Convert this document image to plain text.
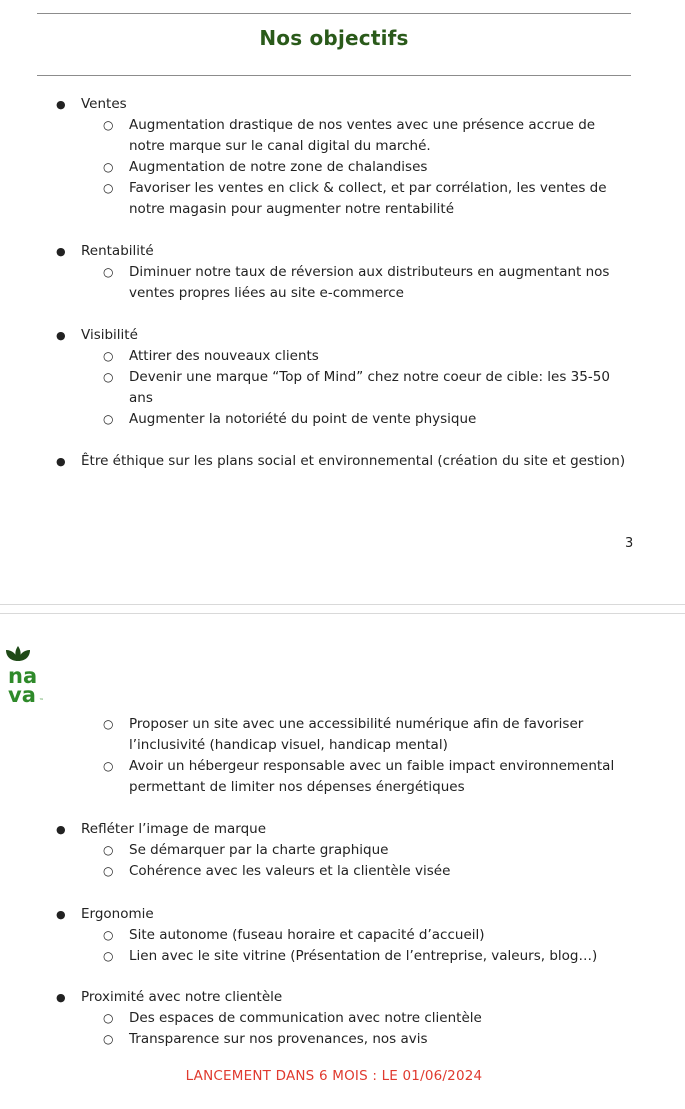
Nos objectifs
● Ventes
○ Augmentation drastique de nos ventes avec une présence accrue de notre marque sur le canal digital du marché.
○ Augmentation de notre zone de chalandises
○ Favoriser les ventes en click & collect, et par corrélation, les ventes de notre magasin pour augmenter notre rentabilité
● Rentabilité
○ Diminuer notre taux de réversion aux distributeurs en augmentant nos ventes propres liées au site e-commerce
● Visibilité
○ Attirer des nouveaux clients
○ Devenir une marque “Top of Mind” chez notre coeur de cible: les 35-50 ans
○ Augmenter la notoriété du point de vente physique
● Être éthique sur les plans social et environnemental (création du site et gestion)
3
na
va ™
○ Proposer un site avec une accessibilité numérique afin de favoriser l’inclusivité (handicap visuel, handicap mental)
○ Avoir un hébergeur responsable avec un faible impact environnemental permettant de limiter nos dépenses énergétiques
● Refléter l’image de marque
○ Se démarquer par la charte graphique
○ Cohérence avec les valeurs et la clientèle visée
● Ergonomie
○ Site autonome (fuseau horaire et capacité d’accueil)
○ Lien avec le site vitrine (Présentation de l’entreprise, valeurs, blog…)
● Proximité avec notre clientèle
○ Des espaces de communication avec notre clientèle
○ Transparence sur nos provenances, nos avis
LANCEMENT DANS 6 MOIS : LE 01/06/2024
